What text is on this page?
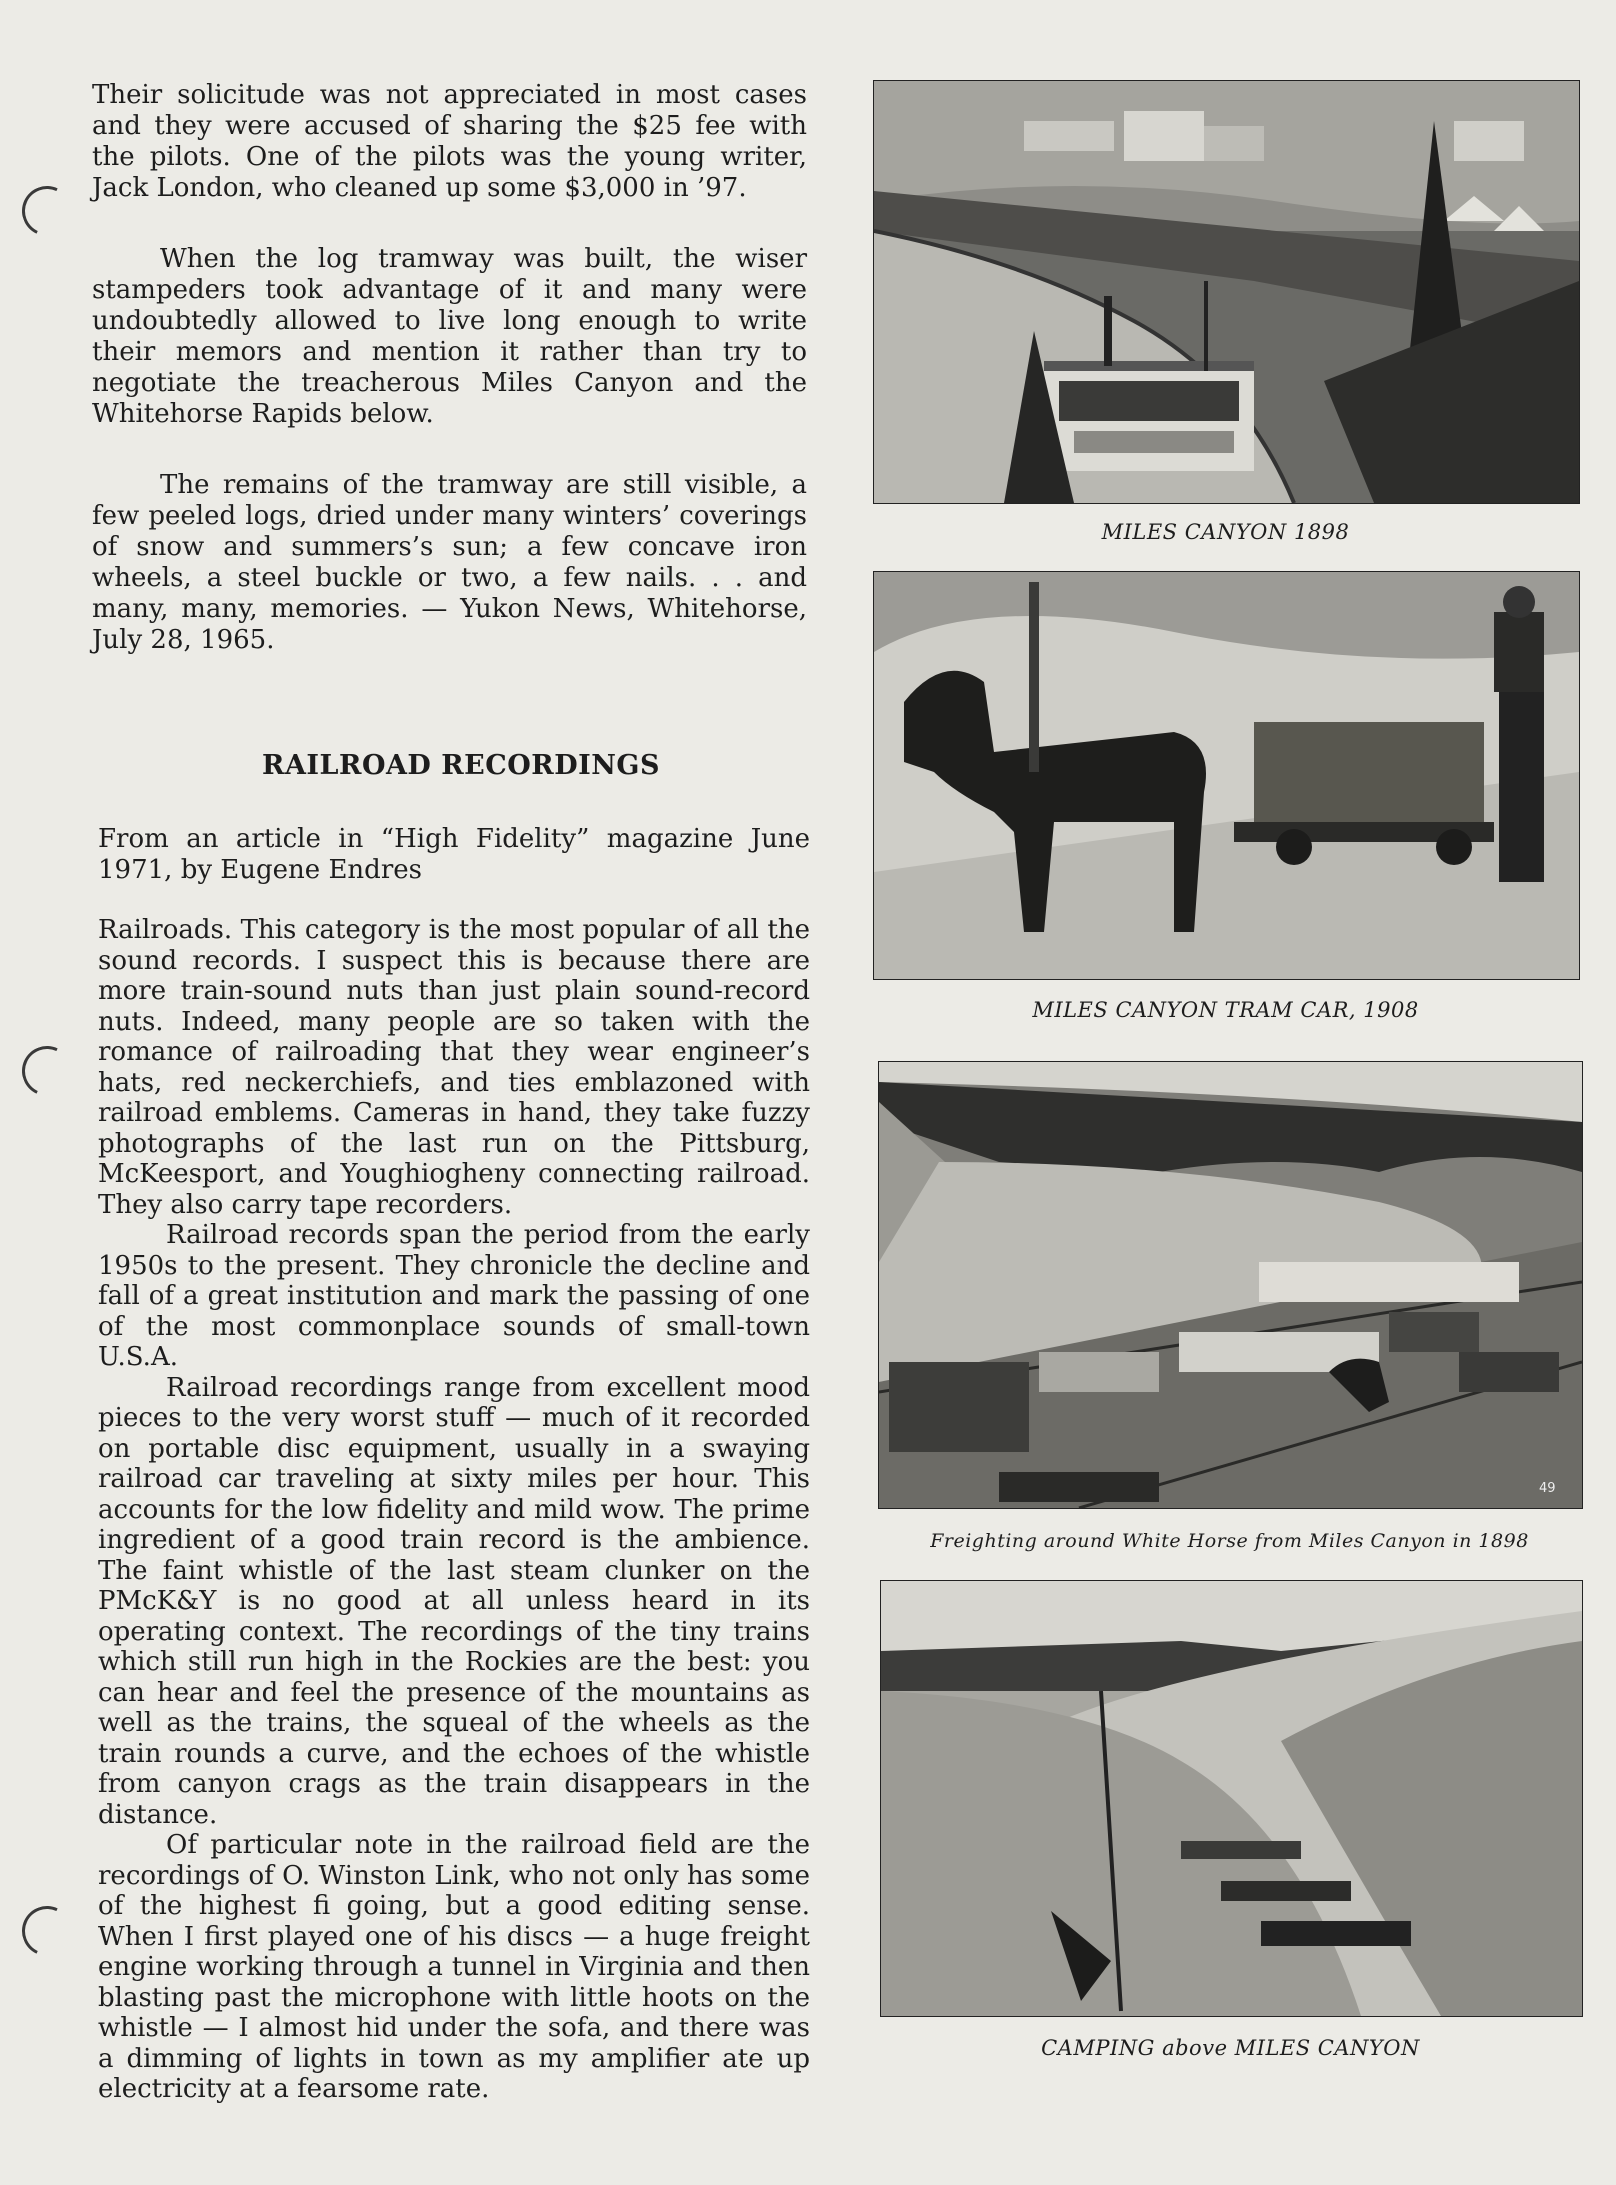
Their solicitude was not appreciated in most cases and they were accused of sharing the $25 fee with the pilots. One of the pilots was the young writer, Jack London, who cleaned up some $3,000 in ’97.

When the log tramway was built, the wiser stampeders took advantage of it and many were undoubtedly allowed to live long enough to write their memors and mention it rather than try to negotiate the treacherous Miles Canyon and the Whitehorse Rapids below.

The remains of the tramway are still visible, a few peeled logs, dried under many winters’ coverings of snow and summers’s sun; a few concave iron wheels, a steel buckle or two, a few nails. . . and many, many, memories. — Yukon News, Whitehorse, July 28, 1965.

RAILROAD RECORDINGS

From an article in “High Fidelity” magazine June 1971, by Eugene Endres

Railroads. This category is the most popular of all the sound records. I suspect this is because there are more train-sound nuts than just plain sound-record nuts. Indeed, many people are so taken with the romance of railroading that they wear engineer’s hats, red neckerchiefs, and ties emblazoned with railroad emblems. Cameras in hand, they take fuzzy photographs of the last run on the Pittsburg, McKeesport, and Youghiogheny connecting railroad. They also carry tape recorders.

Railroad records span the period from the early 1950s to the present. They chronicle the decline and fall of a great institution and mark the passing of one of the most commonplace sounds of small-town U.S.A.

Railroad recordings range from excellent mood pieces to the very worst stuff — much of it recorded on portable disc equipment, usually in a swaying railroad car traveling at sixty miles per hour. This accounts for the low fidelity and mild wow. The prime ingredient of a good train record is the ambience. The faint whistle of the last steam clunker on the PMcK&Y is no good at all unless heard in its operating context. The recordings of the tiny trains which still run high in the Rockies are the best: you can hear and feel the presence of the mountains as well as the trains, the squeal of the wheels as the train rounds a curve, and the echoes of the whistle from canyon crags as the train disappears in the distance.

Of particular note in the railroad field are the recordings of O. Winston Link, who not only has some of the highest fi going, but a good editing sense. When I first played one of his discs — a huge freight engine working through a tunnel in Virginia and then blasting past the microphone with little hoots on the whistle — I almost hid under the sofa, and there was a dimming of lights in town as my amplifier ate up electricity at a fearsome rate.

MILES CANYON 1898
MILES CANYON TRAM CAR, 1908
49
Freighting around White Horse from Miles Canyon in 1898
CAMPING above MILES CANYON
